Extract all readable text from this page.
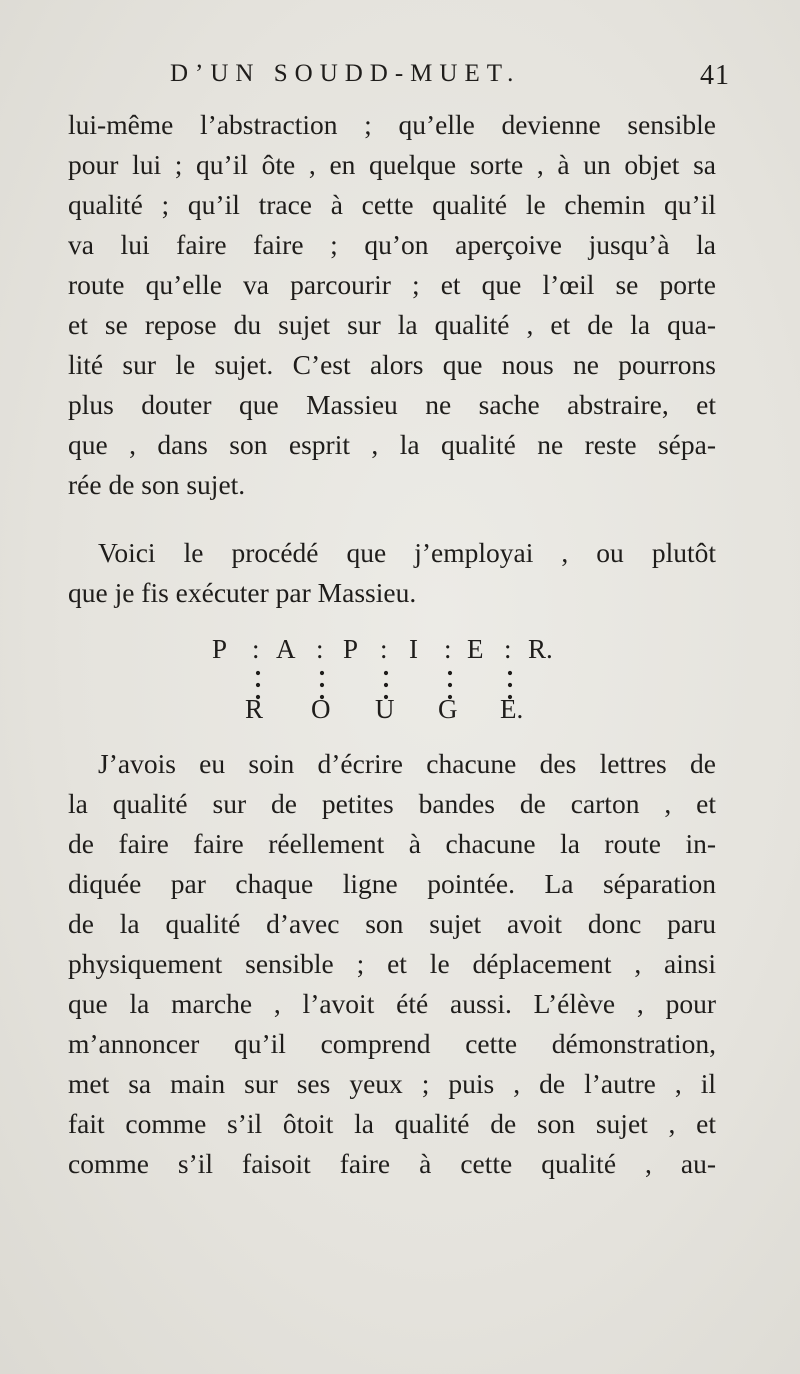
D’UN SOUDD-MUET.	41
lui-même l’abstraction ; qu’elle devienne sensible
pour lui ; qu’il ôte , en quelque sorte , à un objet sa
qualité ; qu’il trace à cette qualité le chemin qu’il
va lui faire faire ; qu’on aperçoive jusqu’à la
route qu’elle va parcourir ; et que l’œil se porte
et se repose du sujet sur la qualité , et de la qua-
lité sur le sujet. C’est alors que nous ne pourrons
plus douter que Massieu ne sache abstraire, et
que , dans son esprit , la qualité ne reste sépa-
rée de son sujet.
Voici le procédé que j’employai , ou plutôt
que je fis exécuter par Massieu.
P : A : P : I : E : R.
R O U G E.
J’avois eu soin d’écrire chacune des lettres de
la qualité sur de petites bandes de carton , et
de faire faire réellement à chacune la route in-
diquée par chaque ligne pointée. La séparation
de la qualité d’avec son sujet avoit donc paru
physiquement sensible ; et le déplacement , ainsi
que la marche , l’avoit été aussi. L’élève , pour
m’annoncer qu’il comprend cette démonstration,
met sa main sur ses yeux ; puis , de l’autre , il
fait comme s’il ôtoit la qualité de son sujet , et
comme s’il faisoit faire à cette qualité , au-
